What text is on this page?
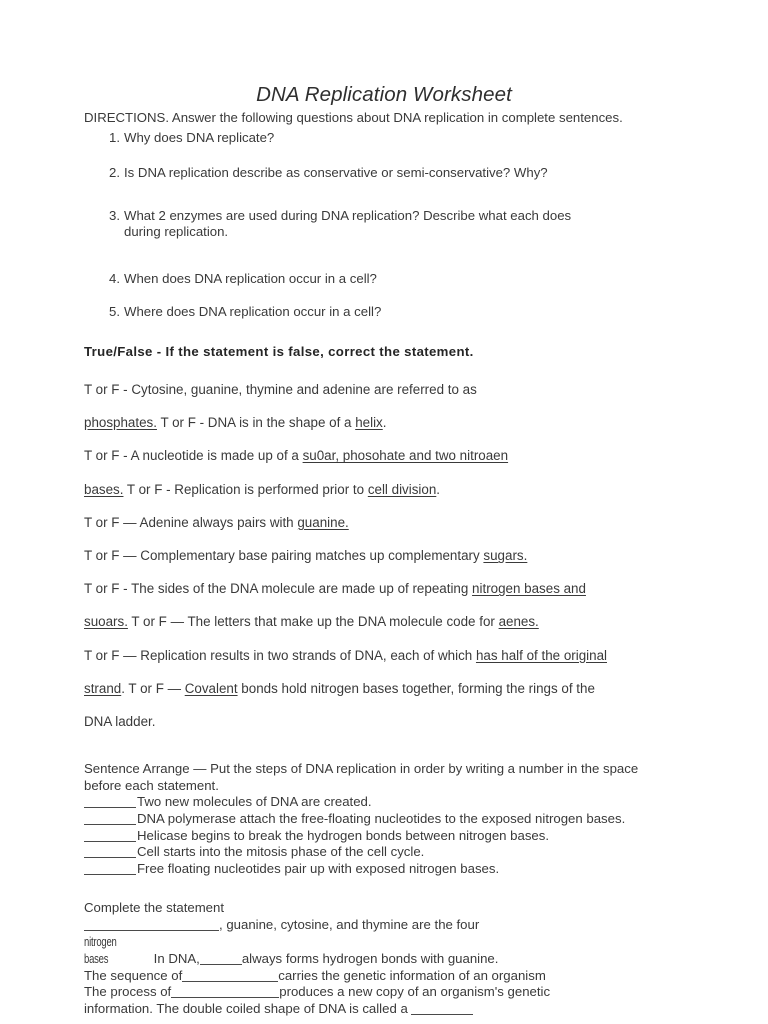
DNA Replication Worksheet
DIRECTIONS. Answer the following questions about DNA replication in complete sentences.
Why does DNA replicate?
Is DNA replication describe as conservative or semi-conservative? Why?
What 2 enzymes are used during DNA replication? Describe what each does
during replication.
When does DNA replication occur in a cell?
Where does DNA replication occur in a cell?
True/False - If the statement is false, correct the statement.
T or F - Cytosine, guanine, thymine and adenine are referred to as
phosphates. T or F - DNA is in the shape of a helix.
T or F - A nucleotide is made up of a su0ar, phosohate and two nitroaen
bases. T or F - Replication is performed prior to cell division.
T or F — Adenine always pairs with guanine.
T or F — Complementary base pairing matches up complementary sugars.
T or F - The sides of the DNA molecule are made up of repeating nitrogen bases and
suoars. T or F — The letters that make up the DNA molecule code for aenes.
T or F — Replication results in two strands of DNA, each of which has half of the original
strand. T or F — Covalent bonds hold nitrogen bases together, forming the rings of the
DNA ladder.
Sentence Arrange — Put the steps of DNA replication in order by writing a number in the space
before each statement.
Two new molecules of DNA are created.
DNA polymerase attach the free-floating nucleotides to the exposed nitrogen bases.
Helicase begins to break the hydrogen bonds between nitrogen bases.
Cell starts into the mitosis phase of the cell cycle.
Free floating nucleotides pair up with exposed nitrogen bases.
Complete the statement
, guanine, cytosine, and thymine are the four
nitrogen bases	In DNA,	always forms hydrogen bonds with guanine.
The sequence of	carries the genetic information of an organism
The process of	produces a new copy of an organism's genetic
information. The double coiled shape of DNA is called a
